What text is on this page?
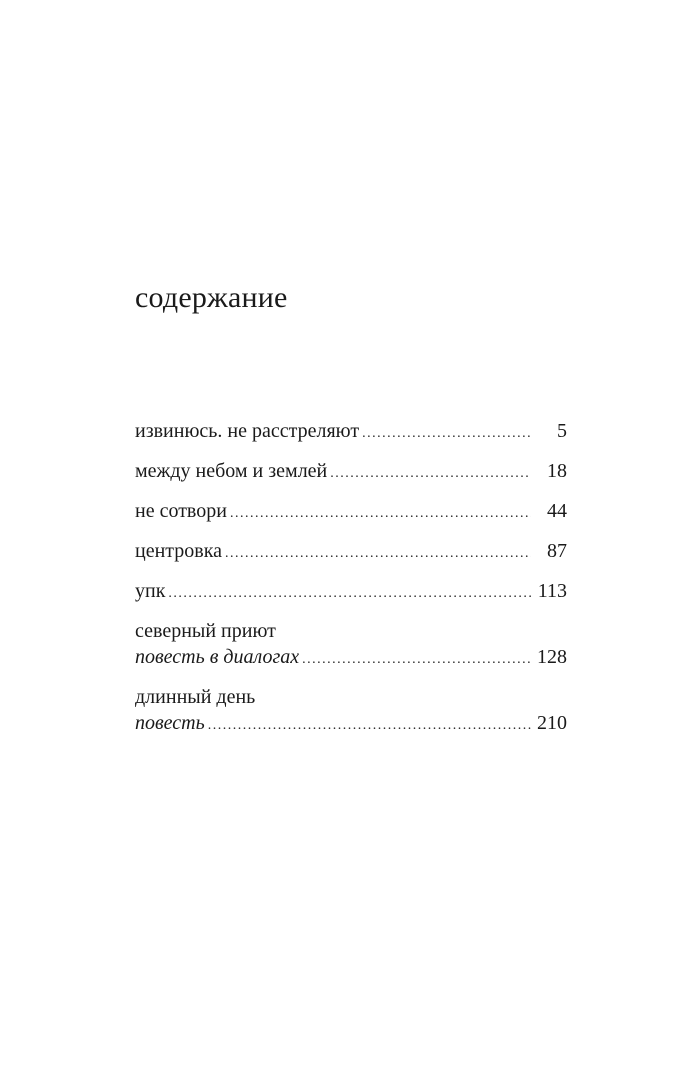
содержание
извинюсь. не расстреляют .....	5
между небом и землей .....	18
не сотвори .....	44
центровка .....	87
упк .....	113
северный приют
повесть в диалогах .....	128
длинный день
повесть .....	210
